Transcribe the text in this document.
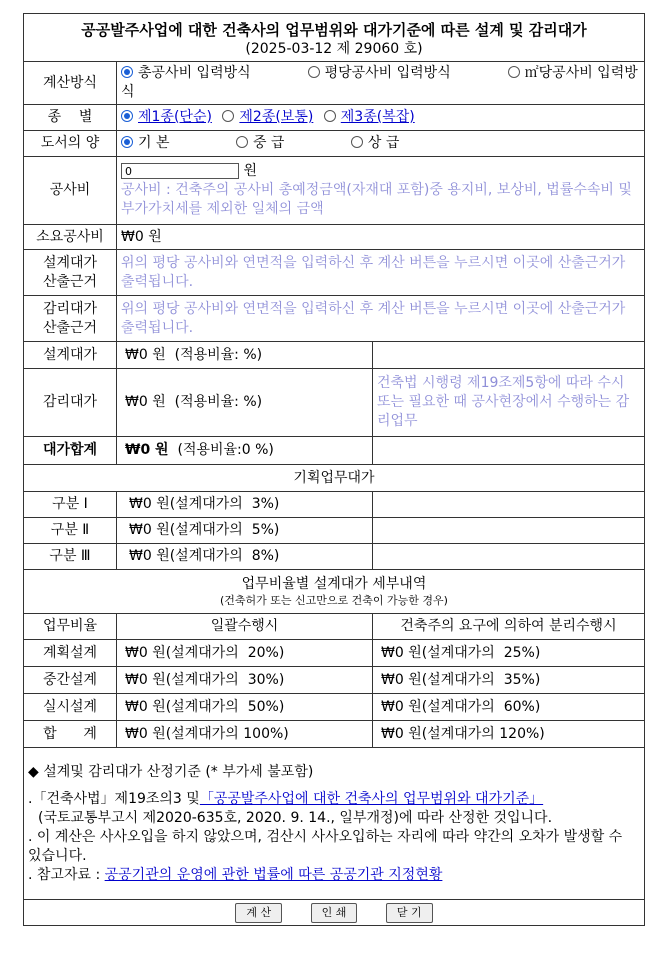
공공발주사업에 대한 건축사의 업무범위와 대가기준에 따른 설계 및 감리대가
(2025-03-12 제 29060 호)		

계산방식	총공사비 입력방식 평당공사비 입력방식 ㎡당공사비 입력방식	
종    별	제1종(단순) 제2종(보통) 제3종(복잡)	
도서의 양	기 본 중 급 상 급	
공사비	0 원
공사비 : 건축주의 공사비 총예정금액(자재대 포함)중 용지비, 보상비, 법률수속비 및 부가가치세를 제외한 일체의 금액	

소요공사비	₩0 원	

설계대가
산출근거	위의 평당 공사비와 연면적을 입력하신 후 계산 버튼을 누르시면 이곳에 산출근거가 출력됩니다.	

감리대가
산출근거	위의 평당 공사비와 연면적을 입력하신 후 계산 버튼을 누르시면 이곳에 산출근거가 출력됩니다.	
설계대가	₩0 원  (적용비율: %)	
감리대가	₩0 원  (적용비율: %)	건축법 시행령 제19조제5항에 따라 수시 또는 필요한 때 공사현장에서 수행하는 감리업무
대가합계	₩0 원  (적용비율:0 %)	
기획업무대가		
구분 Ⅰ	₩0 원(설계대가의  3%)	
구분 Ⅱ	₩0 원(설계대가의  5%)	
구분 Ⅲ	₩0 원(설계대가의  8%)	

업무비율별 설계대가 세부내역
(건축허가 또는 신고만으로 건축이 가능한 경우)		

업무비율	일괄수행시	건축주의 요구에 의하여 분리수행시
계획설계	₩0 원(설계대가의  20%)	₩0 원(설계대가의  25%)
중간설계	₩0 원(설계대가의  30%)	₩0 원(설계대가의  35%)
실시설계	₩0 원(설계대가의  50%)	₩0 원(설계대가의  60%)
합      계	₩0 원(설계대가의 100%)	₩0 원(설계대가의 120%)

◆ 설계및 감리대가 산정기준 (* 부가세 불포함)
.「건축사법」제19조의3 및「공공발주사업에 대한 건축사의 업무범위와 대가기준」
(국토교통부고시 제2020-635호, 2020. 9. 14., 일부개정)에 따라 산정한 것입니다.
. 이 계산은 사사오입을 하지 않았으며, 검산시 사사오입하는 자리에 따라 약간의 오차가 발생할 수 있습니다.
. 참고자료 : 공공기관의 운영에 관한 법률에 따른 공공기관 지정현황		

계 산 인 쇄 닫 기		
